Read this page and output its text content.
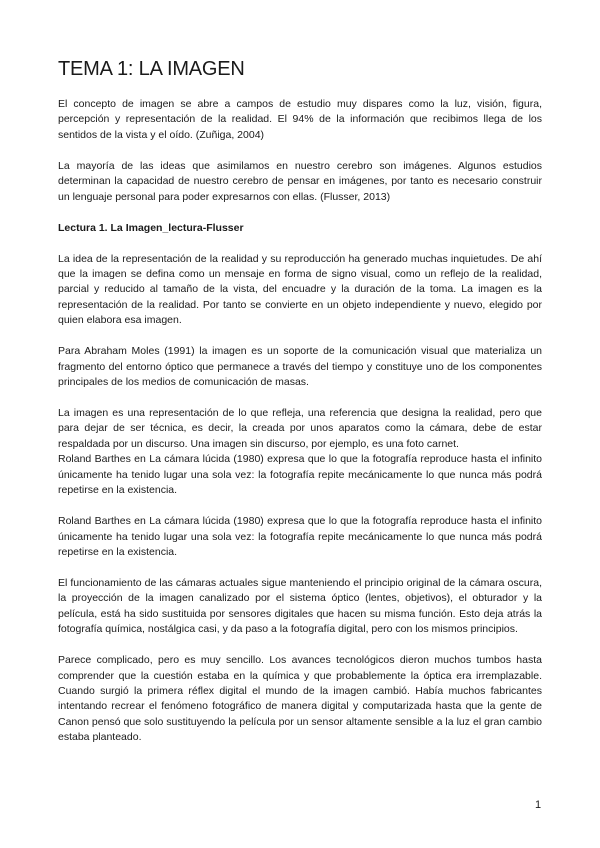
TEMA 1: LA IMAGEN

El concepto de imagen se abre a campos de estudio muy dispares como la luz, visión, figura, percepción y representación de la realidad. El 94% de la información que recibimos llega de los sentidos de la vista y el oído. (Zuñiga, 2004)

La mayoría de las ideas que asimilamos en nuestro cerebro son imágenes. Algunos estudios determinan la capacidad de nuestro cerebro de pensar en imágenes, por tanto es necesario construir un lenguaje personal para poder expresarnos con ellas. (Flusser, 2013)

Lectura 1. La Imagen_lectura-Flusser

La idea de la representación de la realidad y su reproducción ha generado muchas inquietudes. De ahí que la imagen se defina como un mensaje en forma de signo visual, como un reflejo de la realidad, parcial y reducido al tamaño de la vista, del encuadre y la duración de la toma. La imagen es la representación de la realidad. Por tanto se convierte en un objeto independiente y nuevo, elegido por quien elabora esa imagen.

Para Abraham Moles (1991) la imagen es un soporte de la comunicación visual que materializa un fragmento del entorno óptico que permanece a través del tiempo y constituye uno de los componentes principales de los medios de comunicación de masas.

La imagen es una representación de lo que refleja, una referencia que designa la realidad, pero que para dejar de ser técnica, es decir, la creada por unos aparatos como la cámara, debe de estar respaldada por un discurso. Una imagen sin discurso, por ejemplo, es una foto carnet.

Roland Barthes en La cámara lúcida (1980) expresa que lo que la fotografía reproduce hasta el infinito únicamente ha tenido lugar una sola vez: la fotografía repite mecánicamente lo que nunca más podrá repetirse en la existencia.

Roland Barthes en La cámara lúcida (1980) expresa que lo que la fotografía reproduce hasta el infinito únicamente ha tenido lugar una sola vez: la fotografía repite mecánicamente lo que nunca más podrá repetirse en la existencia.

El funcionamiento de las cámaras actuales sigue manteniendo el principio original de la cámara oscura, la proyección de la imagen canalizado por el sistema óptico (lentes, objetivos), el obturador y la película, está ha sido sustituida por sensores digitales que hacen su misma función. Esto deja atrás la fotografía química, nostálgica casi, y da paso a la fotografía digital, pero con los mismos principios.

Parece complicado, pero es muy sencillo. Los avances tecnológicos dieron muchos tumbos hasta comprender que la cuestión estaba en la química y que probablemente la óptica era irremplazable. Cuando surgió la primera réflex digital el mundo de la imagen cambió. Había muchos fabricantes intentando recrear el fenómeno fotográfico de manera digital y computarizada hasta que la gente de Canon pensó que solo sustituyendo la película por un sensor altamente sensible a la luz el gran cambio estaba planteado.

1
